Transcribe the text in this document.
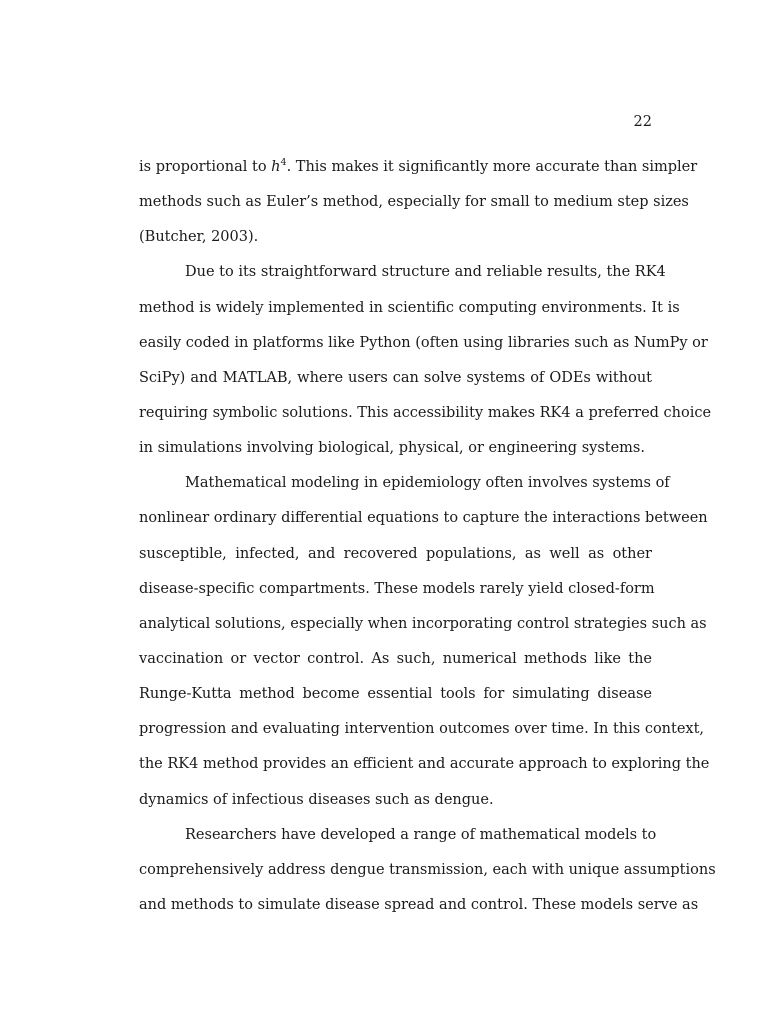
22
is proportional to $h^4$. This makes it significantly more accurate than simpler
methods such as Euler’s method, especially for small to medium step sizes
(Butcher, 2003).
Due to its straightforward structure and reliable results, the RK4
method is widely implemented in scientific computing environments. It is
easily coded in platforms like Python (often using libraries such as NumPy or
SciPy) and MATLAB, where users can solve systems of ODEs without
requiring symbolic solutions. This accessibility makes RK4 a preferred choice
in simulations involving biological, physical, or engineering systems.
Mathematical modeling in epidemiology often involves systems of
nonlinear ordinary differential equations to capture the interactions between
susceptible, infected, and recovered populations, as well as other
disease-specific compartments. These models rarely yield closed-form
analytical solutions, especially when incorporating control strategies such as
vaccination or vector control. As such, numerical methods like the
Runge-Kutta method become essential tools for simulating disease
progression and evaluating intervention outcomes over time. In this context,
the RK4 method provides an efficient and accurate approach to exploring the
dynamics of infectious diseases such as dengue.
Researchers have developed a range of mathematical models to
comprehensively address dengue transmission, each with unique assumptions
and methods to simulate disease spread and control. These models serve as
